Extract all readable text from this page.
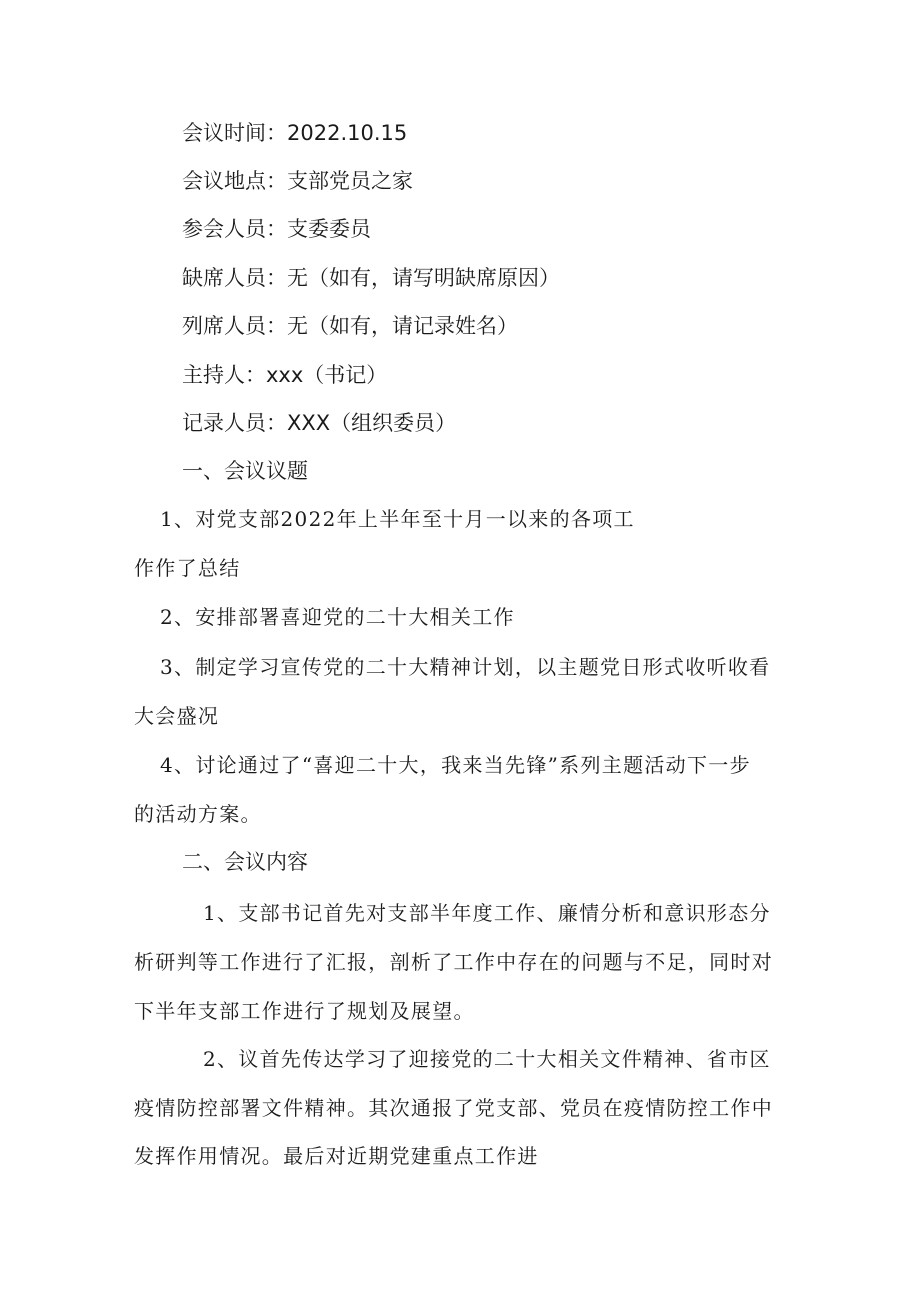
会议时间：2022.10.15
会议地点：支部党员之家
参会人员：支委委员
缺席人员：无（如有，请写明缺席原因）
列席人员：无（如有，请记录姓名）
主持人：xxx（书记）
记录人员：XXX（组织委员）
一、会议议题
1、对党支部2022年上半年至十月一以来的各项工
作作了总结
2、安排部署喜迎党的二十大相关工作
3、制定学习宣传党的二十大精神计划，以主题党日形式收听收看
大会盛况
4、讨论通过了“喜迎二十大，我来当先锋”系列主题活动下一步
的活动方案。
二、会议内容
1、支部书记首先对支部半年度工作、廉情分析和意识形态分
析研判等工作进行了汇报，剖析了工作中存在的问题与不足，同时对
下半年支部工作进行了规划及展望。
2、议首先传达学习了迎接党的二十大相关文件精神、省市区
疫情防控部署文件精神。其次通报了党支部、党员在疫情防控工作中
发挥作用情况。最后对近期党建重点工作进
